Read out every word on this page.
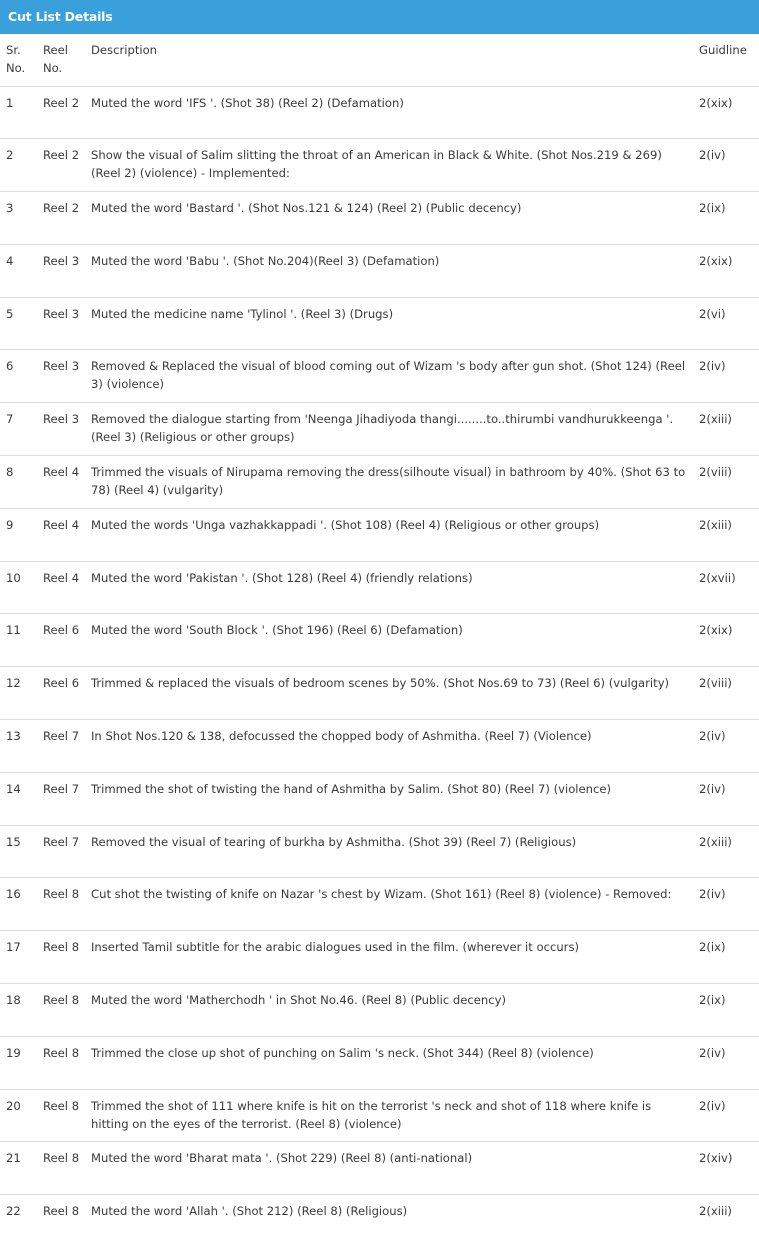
Cut List Details
Sr. No.	Reel No.	Description	Guidline
1	Reel 2	Muted the word 'IFS '. (Shot 38) (Reel 2) (Defamation)	2(xix)
2	Reel 2	Show the visual of Salim slitting the throat of an American in Black & White. (Shot Nos.219 & 269) (Reel 2) (violence) - Implemented:	2(iv)
3	Reel 2	Muted the word 'Bastard '. (Shot Nos.121 & 124) (Reel 2) (Public decency)	2(ix)
4	Reel 3	Muted the word 'Babu '. (Shot No.204)(Reel 3) (Defamation)	2(xix)
5	Reel 3	Muted the medicine name 'Tylinol '. (Reel 3) (Drugs)	2(vi)
6	Reel 3	Removed & Replaced the visual of blood coming out of Wizam 's body after gun shot. (Shot 124) (Reel 3) (violence)	2(iv)
7	Reel 3	Removed the dialogue starting from 'Neenga Jihadiyoda thangi........to..thirumbi vandhurukkeenga '. (Reel 3) (Religious or other groups)	2(xiii)
8	Reel 4	Trimmed the visuals of Nirupama removing the dress(silhoute visual) in bathroom by 40%. (Shot 63 to 78) (Reel 4) (vulgarity)	2(viii)
9	Reel 4	Muted the words 'Unga vazhakkappadi '. (Shot 108) (Reel 4) (Religious or other groups)	2(xiii)
10	Reel 4	Muted the word 'Pakistan '. (Shot 128) (Reel 4) (friendly relations)	2(xvii)
11	Reel 6	Muted the word 'South Block '. (Shot 196) (Reel 6) (Defamation)	2(xix)
12	Reel 6	Trimmed & replaced the visuals of bedroom scenes by 50%. (Shot Nos.69 to 73) (Reel 6) (vulgarity)	2(viii)
13	Reel 7	In Shot Nos.120 & 138, defocussed the chopped body of Ashmitha. (Reel 7) (Violence)	2(iv)
14	Reel 7	Trimmed the shot of twisting the hand of Ashmitha by Salim. (Shot 80) (Reel 7) (violence)	2(iv)
15	Reel 7	Removed the visual of tearing of burkha by Ashmitha. (Shot 39) (Reel 7) (Religious)	2(xiii)
16	Reel 8	Cut shot the twisting of knife on Nazar 's chest by Wizam. (Shot 161) (Reel 8) (violence) - Removed:	2(iv)
17	Reel 8	Inserted Tamil subtitle for the arabic dialogues used in the film. (wherever it occurs)	2(ix)
18	Reel 8	Muted the word 'Matherchodh ' in Shot No.46. (Reel 8) (Public decency)	2(ix)
19	Reel 8	Trimmed the close up shot of punching on Salim 's neck. (Shot 344) (Reel 8) (violence)	2(iv)
20	Reel 8	Trimmed the shot of 111 where knife is hit on the terrorist 's neck and shot of 118 where knife is hitting on the eyes of the terrorist. (Reel 8) (violence)	2(iv)
21	Reel 8	Muted the word 'Bharat mata '. (Shot 229) (Reel 8) (anti-national)	2(xiv)
22	Reel 8	Muted the word 'Allah '. (Shot 212) (Reel 8) (Religious)	2(xiii)
